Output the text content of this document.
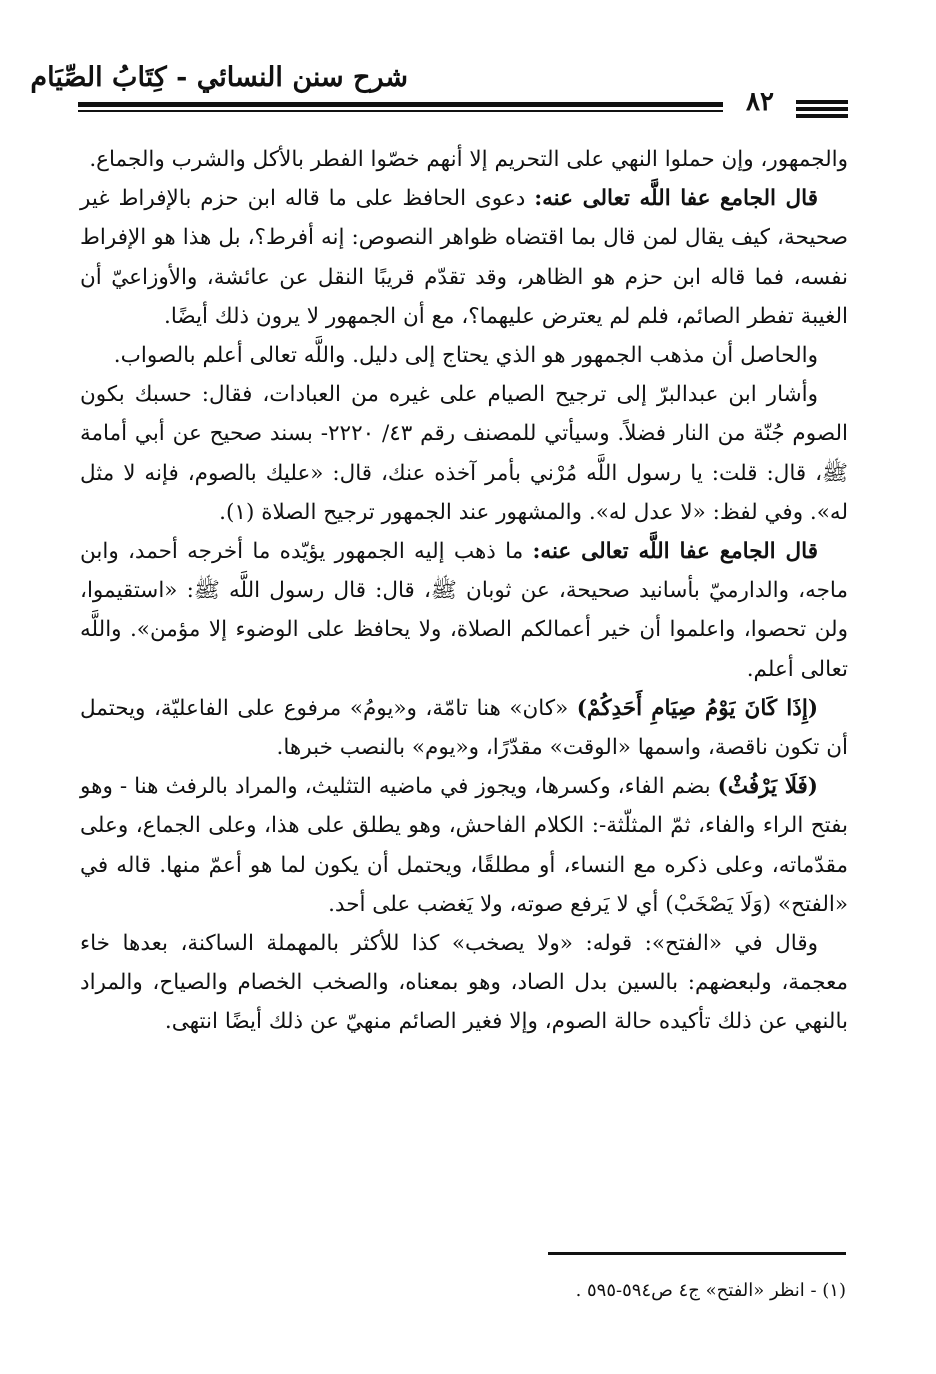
شرح سنن النسائي - كِتَابُ الصِّيَام
٨٢

والجمهور، وإن حملوا النهي على التحريم إلا أنهم خصّوا الفطر بالأكل والشرب والجماع.

قال الجامع عفا اللَّه تعالى عنه: دعوى الحافظ على ما قاله ابن حزم بالإفراط غير صحيحة، كيف يقال لمن قال بما اقتضاه ظواهر النصوص: إنه أفرط؟، بل هذا هو الإفراط نفسه، فما قاله ابن حزم هو الظاهر، وقد تقدّم قريبًا النقل عن عائشة، والأوزاعيّ أن الغيبة تفطر الصائم، فلم لم يعترض عليهما؟، مع أن الجمهور لا يرون ذلك أيضًا.

والحاصل أن مذهب الجمهور هو الذي يحتاج إلى دليل. واللَّه تعالى أعلم بالصواب.

وأشار ابن عبدالبرّ إلى ترجيح الصيام على غيره من العبادات، فقال: حسبك بكون الصوم جُنّة من النار فضلاً. وسيأتي للمصنف رقم ٤٣/ ٢٢٢٠- بسند صحيح عن أبي أمامة ﷺ، قال: قلت: يا رسول اللَّه مُرْني بأمر آخذه عنك، قال: «عليك بالصوم، فإنه لا مثل له». وفي لفظ: «لا عدل له». والمشهور عند الجمهور ترجيح الصلاة (١).

قال الجامع عفا اللَّه تعالى عنه: ما ذهب إليه الجمهور يؤيّده ما أخرجه أحمد، وابن ماجه، والدارميّ بأسانيد صحيحة، عن ثوبان ﷺ، قال: قال رسول اللَّه ﷺ: «استقيموا، ولن تحصوا، واعلموا أن خير أعمالكم الصلاة، ولا يحافظ على الوضوء إلا مؤمن». واللَّه تعالى أعلم.

(إِذَا كَانَ يَوْمُ صِيَامِ أَحَدِكُمْ) «كان» هنا تامّة، و«يومُ» مرفوع على الفاعليّة، ويحتمل أن تكون ناقصة، واسمها «الوقت» مقدّرًا، و«يوم» بالنصب خبرها.

(فَلَا يَرْفُثْ) بضم الفاء، وكسرها، ويجوز في ماضيه التثليث، والمراد بالرفث هنا - وهو بفتح الراء والفاء، ثمّ المثلّثة-: الكلام الفاحش، وهو يطلق على هذا، وعلى الجماع، وعلى مقدّماته، وعلى ذكره مع النساء، أو مطلقًا، ويحتمل أن يكون لما هو أعمّ منها. قاله في «الفتح» (وَلَا يَصْخَبْ) أي لا يَرفع صوته، ولا يَغضب على أحد.

وقال في «الفتح»: قوله: «ولا يصخب» كذا للأكثر بالمهملة الساكنة، بعدها خاء معجمة، ولبعضهم: بالسين بدل الصاد، وهو بمعناه، والصخب الخصام والصياح، والمراد بالنهي عن ذلك تأكيده حالة الصوم، وإلا فغير الصائم منهيّ عن ذلك أيضًا انتهى.

(١) - انظر «الفتح» ج٤ ص٥٩٤-٥٩٥ .
